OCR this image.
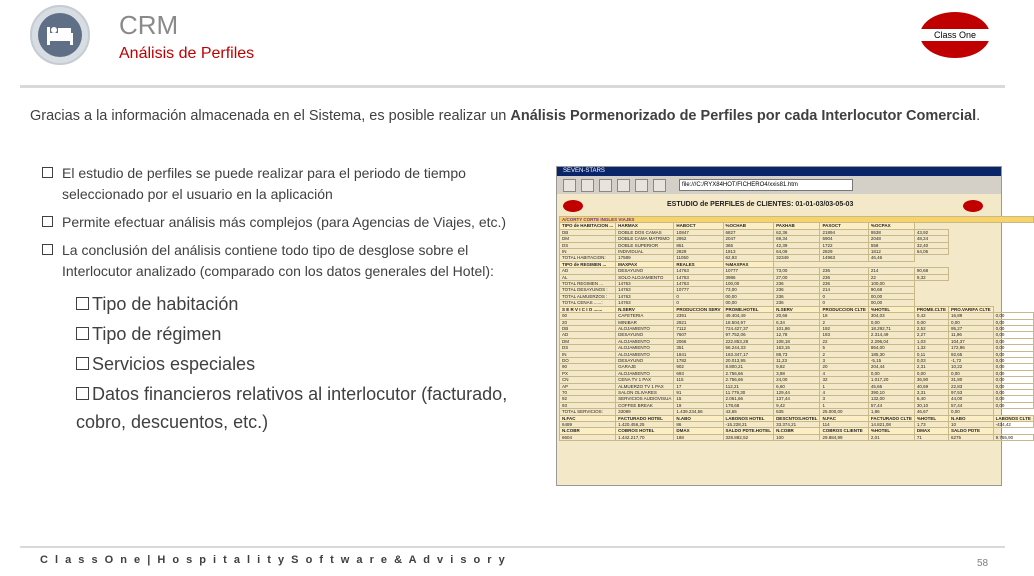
CRM
Análisis de Perfiles
Class One
Gracias a la información almacenada en el Sistema, es posible realizar un Análisis Pormenorizado de Perfiles por cada Interlocutor Comercial.
El estudio de perfiles se puede realizar para el periodo de tiempo seleccionado por el usuario en la aplicación
Permite efectuar análisis más complejos (para Agencias de Viajes, etc.)
La conclusión del análisis contiene todo tipo de desglose sobre el Interlocutor analizado (comparado con los datos generales del Hotel):
Tipo de habitación
Tipo de régimen
Servicios especiales
Datos financieros relativos al interlocutor (facturado, cobro, descuentos, etc.)
SEVEN-STARS
file:///C:/RYX84HOT/FICHERO4/xxis81.htm
ESTUDIO de PERFILES de CLIENTES: 01-01-03/03-05-03
A/CORTY CORTE INGLES VIAJES									
TIPO de HABITACION ...	HARMAX	HABOCT	%OCHAB	PAXHAB	PAXOCT	%OCPAX			
DB	DOBLE DOS CAMAS	10847	6827	62,36	21894	9538	43,92		
DM	DOBLE CAMA MATRIMO	2952	2047	69,34	5904	2048	48,24		
DS	DOBLE SUPERIOR	861	365	42,39	1722	558	32,40		
IN	INDIVIDUAL	2829	1813	64,09	2829	1812	64,05		
TOTAL HABITACION:	17589	11050	62,93	32349	14963	46,46			
TIPO de REGIMEN ...	MAXPAX	REALES	%MAXPAX						
AD	DESAYUNO	14763	10777	73,00	236	214	90,68		
AL	SOLO ALOJAMIENTO	14763	3986	27,00	236	22	9,32		
TOTAL REGIMEN ...	14763	14763	100,00	236	236	100,00			
TOTAL DESAYUNOS :	14763	10777	73,00	236	214	90,68			
TOTAL ALMUERZOS :	14763	0	00,00	236	0	00,00			
TOTAL CENAS ......:	14763	0	00,00	236	0	00,00			
S E R V I C I O .......	N.SERV	PRODUCCION SERV	PROME.HOTEL	N.SERV	PRODUCCION CLTE	%HOTEL	PROME.CLTE	PRO.VARIFA CLTE	
00	CAFETERIA	2391	49.404,49	20,66	18	304,03	0,42	16,89	0,00
20	MINIBAR	2921	18.504,97	6,34	2	0,00	0,00	0,00	0,00
DB	ALOJAMIENTO	7112	724.427,37	101,86	192	18.292,71	2,52	95,27	0,00
AD	DESAYUNO	7607	97.752,06	12,78	193	2.314,49	2,27	11,96	0,00
DM	ALOJAMIENTO	2066	222.853,28	108,18	22	2.296,04	1,03	104,37	0,00
DS	ALOJAMIENTO	351	56.244,33	163,15	5	864,00	1,32	172,96	0,00
IN	ALOJAMIENTO	1841	163.347,17	88,73	2	185,30	0,11	92,65	0,00
DO	DESAYUNO	1782	20.013,95	11,23	3	-5,15	0,03	-1,72	0,00
90	GARAJE	902	8.800,21	9,82	20	204,44	2,31	10,22	0,00
PX	ALOJAMIENTO	693	2.756,66	3,98	4	0,00	0,00	0,00	0,00
CN	CENA TV 1 PAX	115	2.756,66	24,00	32	1.017,20	36,90	31,80	0,00
AP	ALMUERZO TV 1 PAX	17	112,21	6,60	1	45,66	40,69	22,83	0,00
70	SALON OLIVARES	91	11.779,30	129,44	4	390,10	3,31	97,53	0,00
92	SERVICIOS AUDIOVISUA	15	2.061,66	137,44	3	132,00	6,40	44,00	0,00
93	COFFEE BREAK	19	178,68	9,42	1	57,44	30,10	57,44	0,00
TOTAL SERVICIOS:	33089	1.439.234,56	43,65	535	25.000,00	1,86	46,67	0,00	
N.FAC	FACTURADO HOTEL	N.ABO	LABONOS HOTEL	DESCNTOS.HOTEL	N.FAC	FACTURADO CLTE	%HOTEL	N.ABO	LABONOS CLTE
6489	1.420.456,25	86	-15.228,21	33.374,21	114	14.821,08	1,73	10	-434,42
N.COBR	COBROS HOTEL	DMAX	SALDO PDTE.HOTEL	N.COBR	COBROS CLIENTE	%HOTEL	DMAX	SALDO PDTE	
6604	1.442.217,70	188	328.882,52	100	29.884,99	2,01	71	6275	9.765,90
C l a s s O n e | H o s p i t a l i t y S o f t w a r e & A d v i s o r y	58
